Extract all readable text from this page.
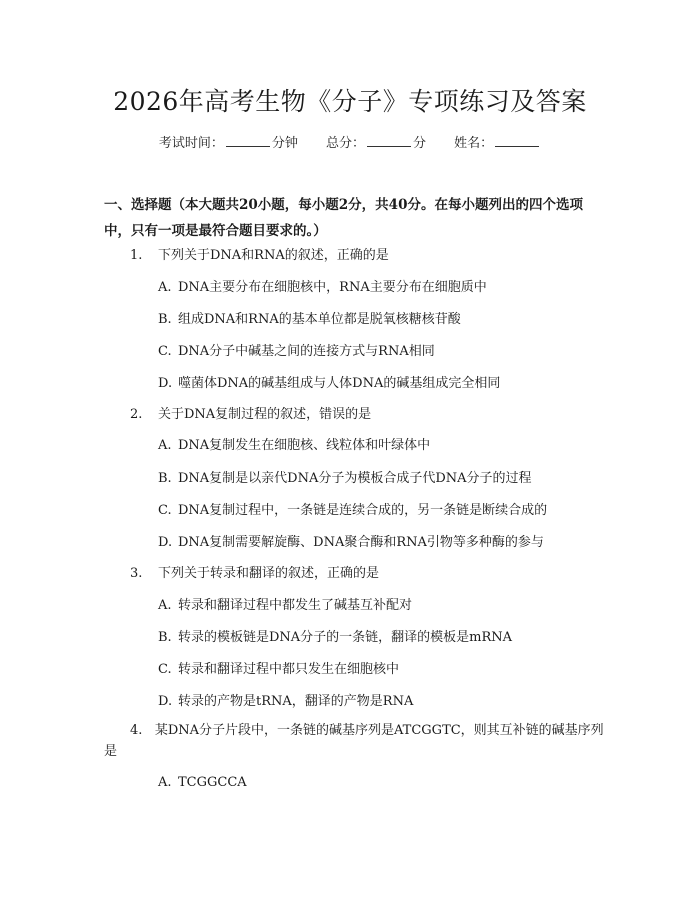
2026年高考生物《分子》专项练习及答案
考试时间：	分钟 总分：	分 姓名：
一、选择题（本大题共20小题，每小题2分，共40分。在每小题列出的四个选项中，只有一项是最符合题目要求的。）
1. 下列关于DNA和RNA的叙述，正确的是
A. DNA主要分布在细胞核中，RNA主要分布在细胞质中
B. 组成DNA和RNA的基本单位都是脱氧核糖核苷酸
C. DNA分子中碱基之间的连接方式与RNA相同
D. 噬菌体DNA的碱基组成与人体DNA的碱基组成完全相同
2. 关于DNA复制过程的叙述，错误的是
A. DNA复制发生在细胞核、线粒体和叶绿体中
B. DNA复制是以亲代DNA分子为模板合成子代DNA分子的过程
C. DNA复制过程中，一条链是连续合成的，另一条链是断续合成的
D. DNA复制需要解旋酶、DNA聚合酶和RNA引物等多种酶的参与
3. 下列关于转录和翻译的叙述，正确的是
A. 转录和翻译过程中都发生了碱基互补配对
B. 转录的模板链是DNA分子的一条链，翻译的模板是mRNA
C. 转录和翻译过程中都只发生在细胞核中
D. 转录的产物是tRNA，翻译的产物是RNA
4. 某DNA分子片段中，一条链的碱基序列是ATCGGTC，则其互补链的碱基序列是
A. TCGGCCA
